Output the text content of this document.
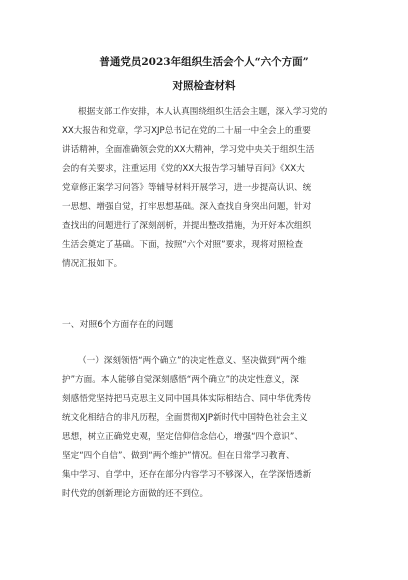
普通党员2023年组织生活会个人“六个方面”
对照检查材料
根据支部工作安排，本人认真围绕组织生活会主题，深入学习党的
XX大报告和党章，学习XJP总书记在党的二十届一中全会上的重要
讲话精神，全面准确领会党的XX大精神，学习党中央关于组织生活
会的有关要求，注重运用《党的XX大报告学习辅导百问》《XX大
党章修正案学习问答》等辅导材料开展学习，进一步提高认识、统
一思想、增强自觉，打牢思想基础。深入查找自身突出问题，针对
查找出的问题进行了深刻剖析，并提出整改措施，为开好本次组织
生活会奠定了基础。下面，按照“六个对照”要求，现将对照检查
情况汇报如下。
一、对照6个方面存在的问题
（一）深刻领悟“两个确立”的决定性意义、坚决做到“两个维
护”方面。本人能够自觉深刻感悟“两个确立”的决定性意义，深
刻感悟党坚持把马克思主义同中国具体实际相结合、同中华优秀传
统文化相结合的非凡历程，全面贯彻XJP新时代中国特色社会主义
思想，树立正确党史观，坚定信仰信念信心，增强“四个意识”、
坚定“四个自信”、做到“两个维护”情况。但在日常学习教育、
集中学习、自学中，还存在部分内容学习不够深入，在学深悟透新
时代党的创新理论方面做的还不到位。
